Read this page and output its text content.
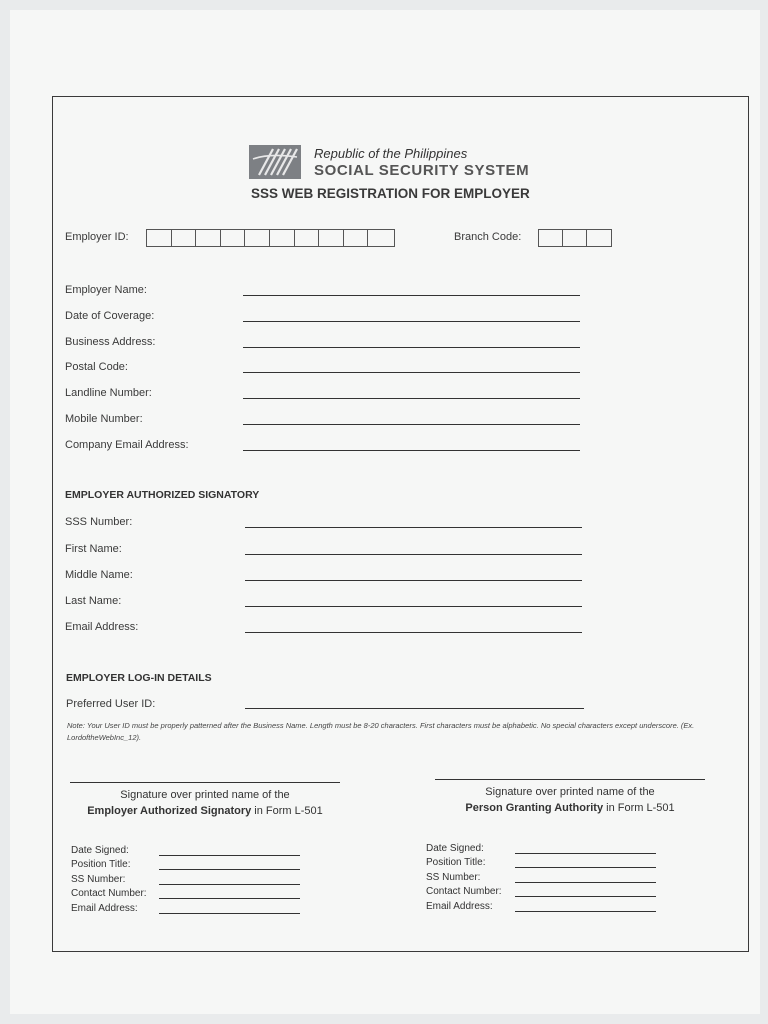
Republic of the Philippines
SOCIAL SECURITY SYSTEM
SSS WEB REGISTRATION FOR EMPLOYER
Employer ID:	Branch Code:
Employer Name:
Date of Coverage:
Business Address:
Postal Code:
Landline Number:
Mobile Number:
Company Email Address:
EMPLOYER AUTHORIZED SIGNATORY
SSS Number:
First Name:
Middle Name:
Last Name:
Email Address:
EMPLOYER LOG-IN DETAILS
Preferred User ID:
Note: Your User ID must be properly patterned after the Business Name. Length must be 8-20 characters. First characters must be alphabetic. No special characters except underscore. (Ex. LordoftheWebInc_12).
Signature over printed name of the
Employer Authorized Signatory in Form L-501
Date Signed:
Position Title:
SS Number:
Contact Number:
Email Address:
Signature over printed name of the
Person Granting Authority in Form L-501
Date Signed:
Position Title:
SS Number:
Contact Number:
Email Address:
